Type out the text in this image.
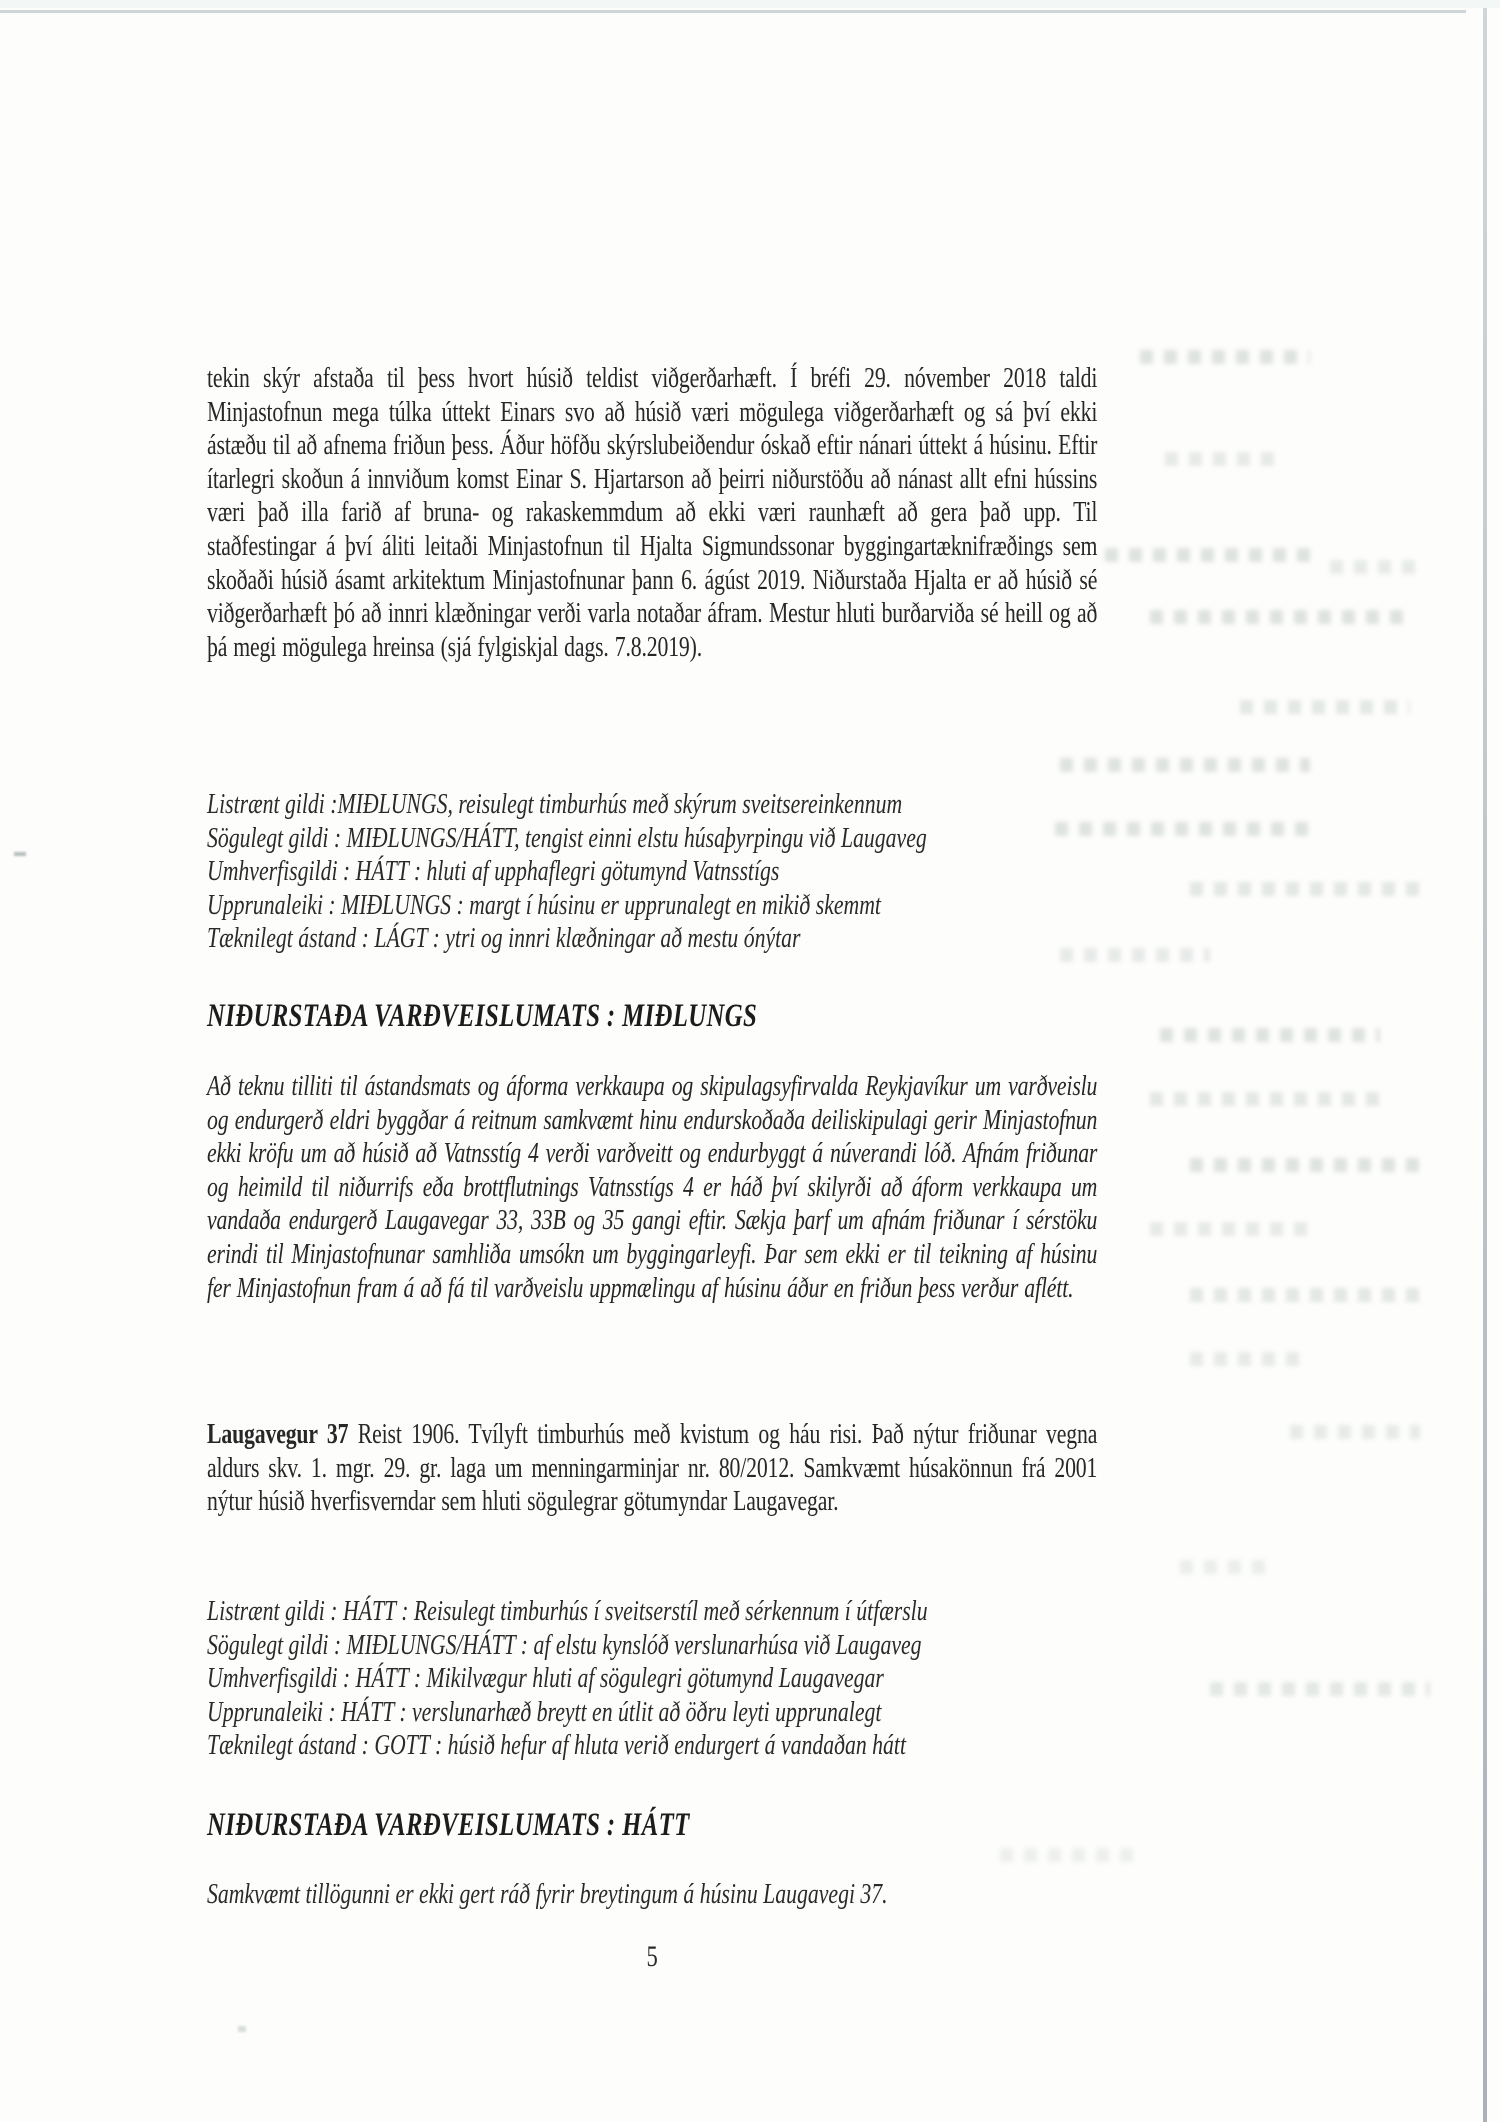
tekin skýr afstaða til þess hvort húsið teldist viðgerðarhæft. Í bréfi 29. nóvember 2018 taldi Minjastofnun mega túlka úttekt Einars svo að húsið væri mögulega viðgerðarhæft og sá því ekki ástæðu til að afnema friðun þess. Áður höfðu skýrslubeiðendur óskað eftir nánari úttekt á húsinu. Eftir ítarlegri skoðun á innviðum komst Einar S. Hjartarson að þeirri niðurstöðu að nánast allt efni hússins væri það illa farið af bruna- og rakaskemmdum að ekki væri raunhæft að gera það upp. Til staðfestingar á því áliti leitaði Minjastofnun til Hjalta Sigmundssonar byggingartæknifræðings sem skoðaði húsið ásamt arkitektum Minjastofnunar þann 6. ágúst 2019. Niðurstaða Hjalta er að húsið sé viðgerðarhæft þó að innri klæðningar verði varla notaðar áfram. Mestur hluti burðarviða sé heill og að þá megi mögulega hreinsa (sjá fylgiskjal dags. 7.8.2019).
Listrænt gildi :MIÐLUNGS, reisulegt timburhús með skýrum sveitsereinkennum
Sögulegt gildi : MIÐLUNGS/HÁTT, tengist einni elstu húsaþyrpingu við Laugaveg
Umhverfisgildi : HÁTT : hluti af upphaflegri götumynd Vatnsstígs
Upprunaleiki : MIÐLUNGS : margt í húsinu er upprunalegt en mikið skemmt
Tæknilegt ástand : LÁGT : ytri og innri klæðningar að mestu ónýtar
NIÐURSTAÐA VARÐVEISLUMATS : MIÐLUNGS
Að teknu tilliti til ástandsmats og áforma verkkaupa og skipulagsyfirvalda Reykjavíkur um varðveislu og endurgerð eldri byggðar á reitnum samkvæmt hinu endurskoðaða deiliskipulagi gerir Minjastofnun ekki kröfu um að húsið að Vatnsstíg 4 verði varðveitt og endurbyggt á núverandi lóð. Afnám friðunar og heimild til niðurrifs eða brottflutnings Vatnsstígs 4 er háð því skilyrði að áform verkkaupa um vandaða endurgerð Laugavegar 33, 33B og 35 gangi eftir. Sækja þarf um afnám friðunar í sérstöku erindi til Minjastofnunar samhliða umsókn um byggingarleyfi. Þar sem ekki er til teikning af húsinu fer Minjastofnun fram á að fá til varðveislu uppmælingu af húsinu áður en friðun þess verður aflétt.
Laugavegur 37 Reist 1906. Tvílyft timburhús með kvistum og háu risi. Það nýtur friðunar vegna aldurs skv. 1. mgr. 29. gr. laga um menningarminjar nr. 80/2012. Samkvæmt húsakönnun frá 2001 nýtur húsið hverfisverndar sem hluti sögulegrar götumyndar Laugavegar.
Listrænt gildi : HÁTT : Reisulegt timburhús í sveitserstíl með sérkennum í útfærslu
Sögulegt gildi : MIÐLUNGS/HÁTT : af elstu kynslóð verslunarhúsa við Laugaveg
Umhverfisgildi : HÁTT : Mikilvægur hluti af sögulegri götumynd Laugavegar
Upprunaleiki : HÁTT : verslunarhæð breytt en útlit að öðru leyti upprunalegt
Tæknilegt ástand : GOTT : húsið hefur af hluta verið endurgert á vandaðan hátt
NIÐURSTAÐA VARÐVEISLUMATS : HÁTT
Samkvæmt tillögunni er ekki gert ráð fyrir breytingum á húsinu Laugavegi 37.
5
